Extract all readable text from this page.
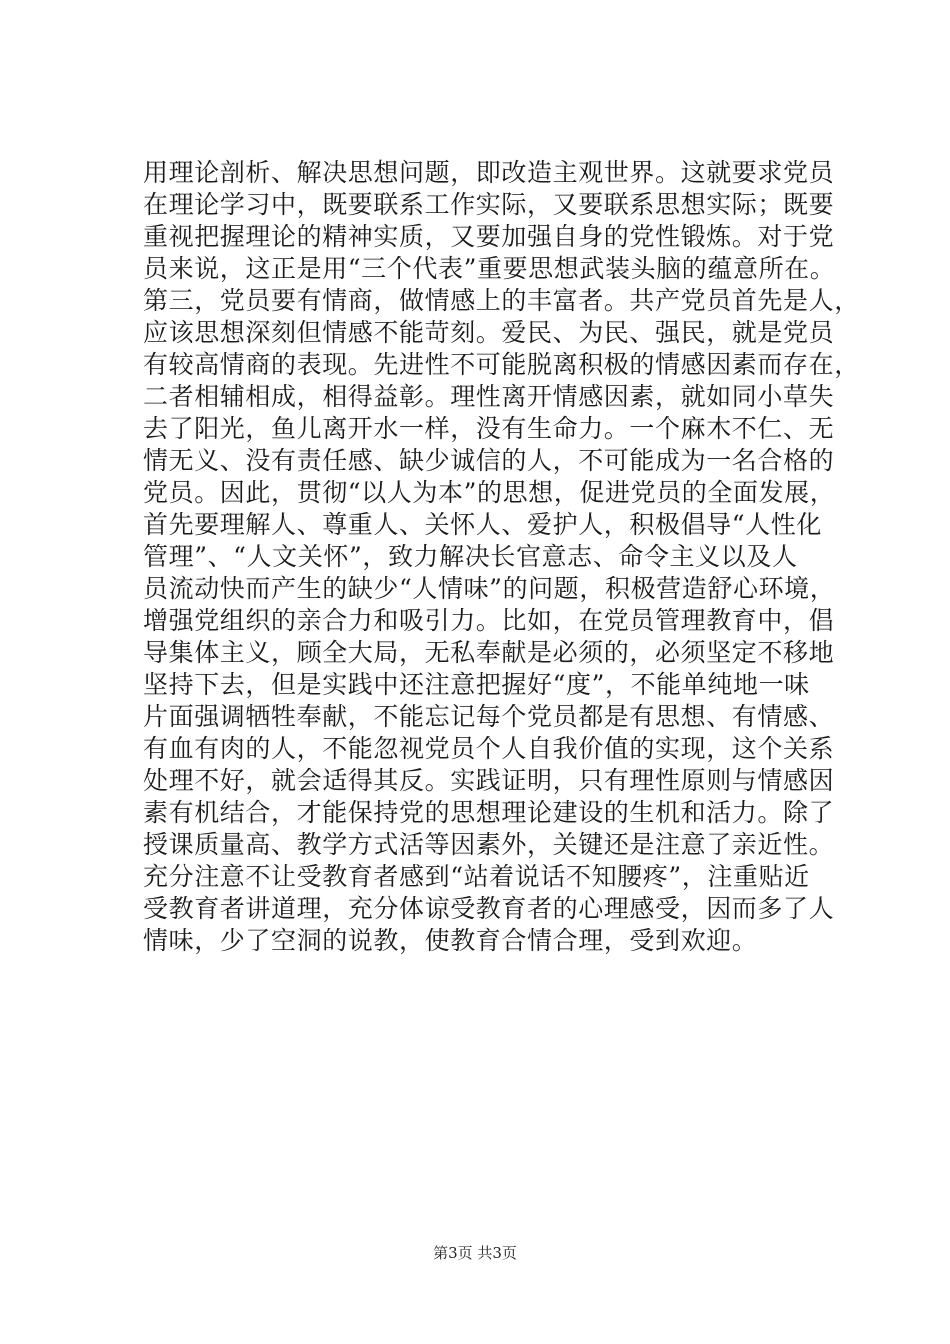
用理论剖析、解决思想问题，即改造主观世界。这就要求党员
在理论学习中，既要联系工作实际，又要联系思想实际；既要
重视把握理论的精神实质，又要加强自身的党性锻炼。对于党
员来说，这正是用“三个代表”重要思想武装头脑的蕴意所在。
第三，党员要有情商，做情感上的丰富者。共产党员首先是人，
应该思想深刻但情感不能苛刻。爱民、为民、强民，就是党员
有较高情商的表现。先进性不可能脱离积极的情感因素而存在，
二者相辅相成，相得益彰。理性离开情感因素，就如同小草失
去了阳光，鱼儿离开水一样，没有生命力。一个麻木不仁、无
情无义、没有责任感、缺少诚信的人，不可能成为一名合格的
党员。因此，贯彻“以人为本”的思想，促进党员的全面发展，
首先要理解人、尊重人、关怀人、爱护人，积极倡导“人性化
管理”、“人文关怀”，致力解决长官意志、命令主义以及人
员流动快而产生的缺少“人情味”的问题，积极营造舒心环境，
增强党组织的亲合力和吸引力。比如，在党员管理教育中，倡
导集体主义，顾全大局，无私奉献是必须的，必须坚定不移地
坚持下去，但是实践中还注意把握好“度”，不能单纯地一味
片面强调牺牲奉献，不能忘记每个党员都是有思想、有情感、
有血有肉的人，不能忽视党员个人自我价值的实现，这个关系
处理不好，就会适得其反。实践证明，只有理性原则与情感因
素有机结合，才能保持党的思想理论建设的生机和活力。除了
授课质量高、教学方式活等因素外，关键还是注意了亲近性。
充分注意不让受教育者感到“站着说话不知腰疼”，注重贴近
受教育者讲道理，充分体谅受教育者的心理感受，因而多了人
情味，少了空洞的说教，使教育合情合理，受到欢迎。
第3页 共3页
